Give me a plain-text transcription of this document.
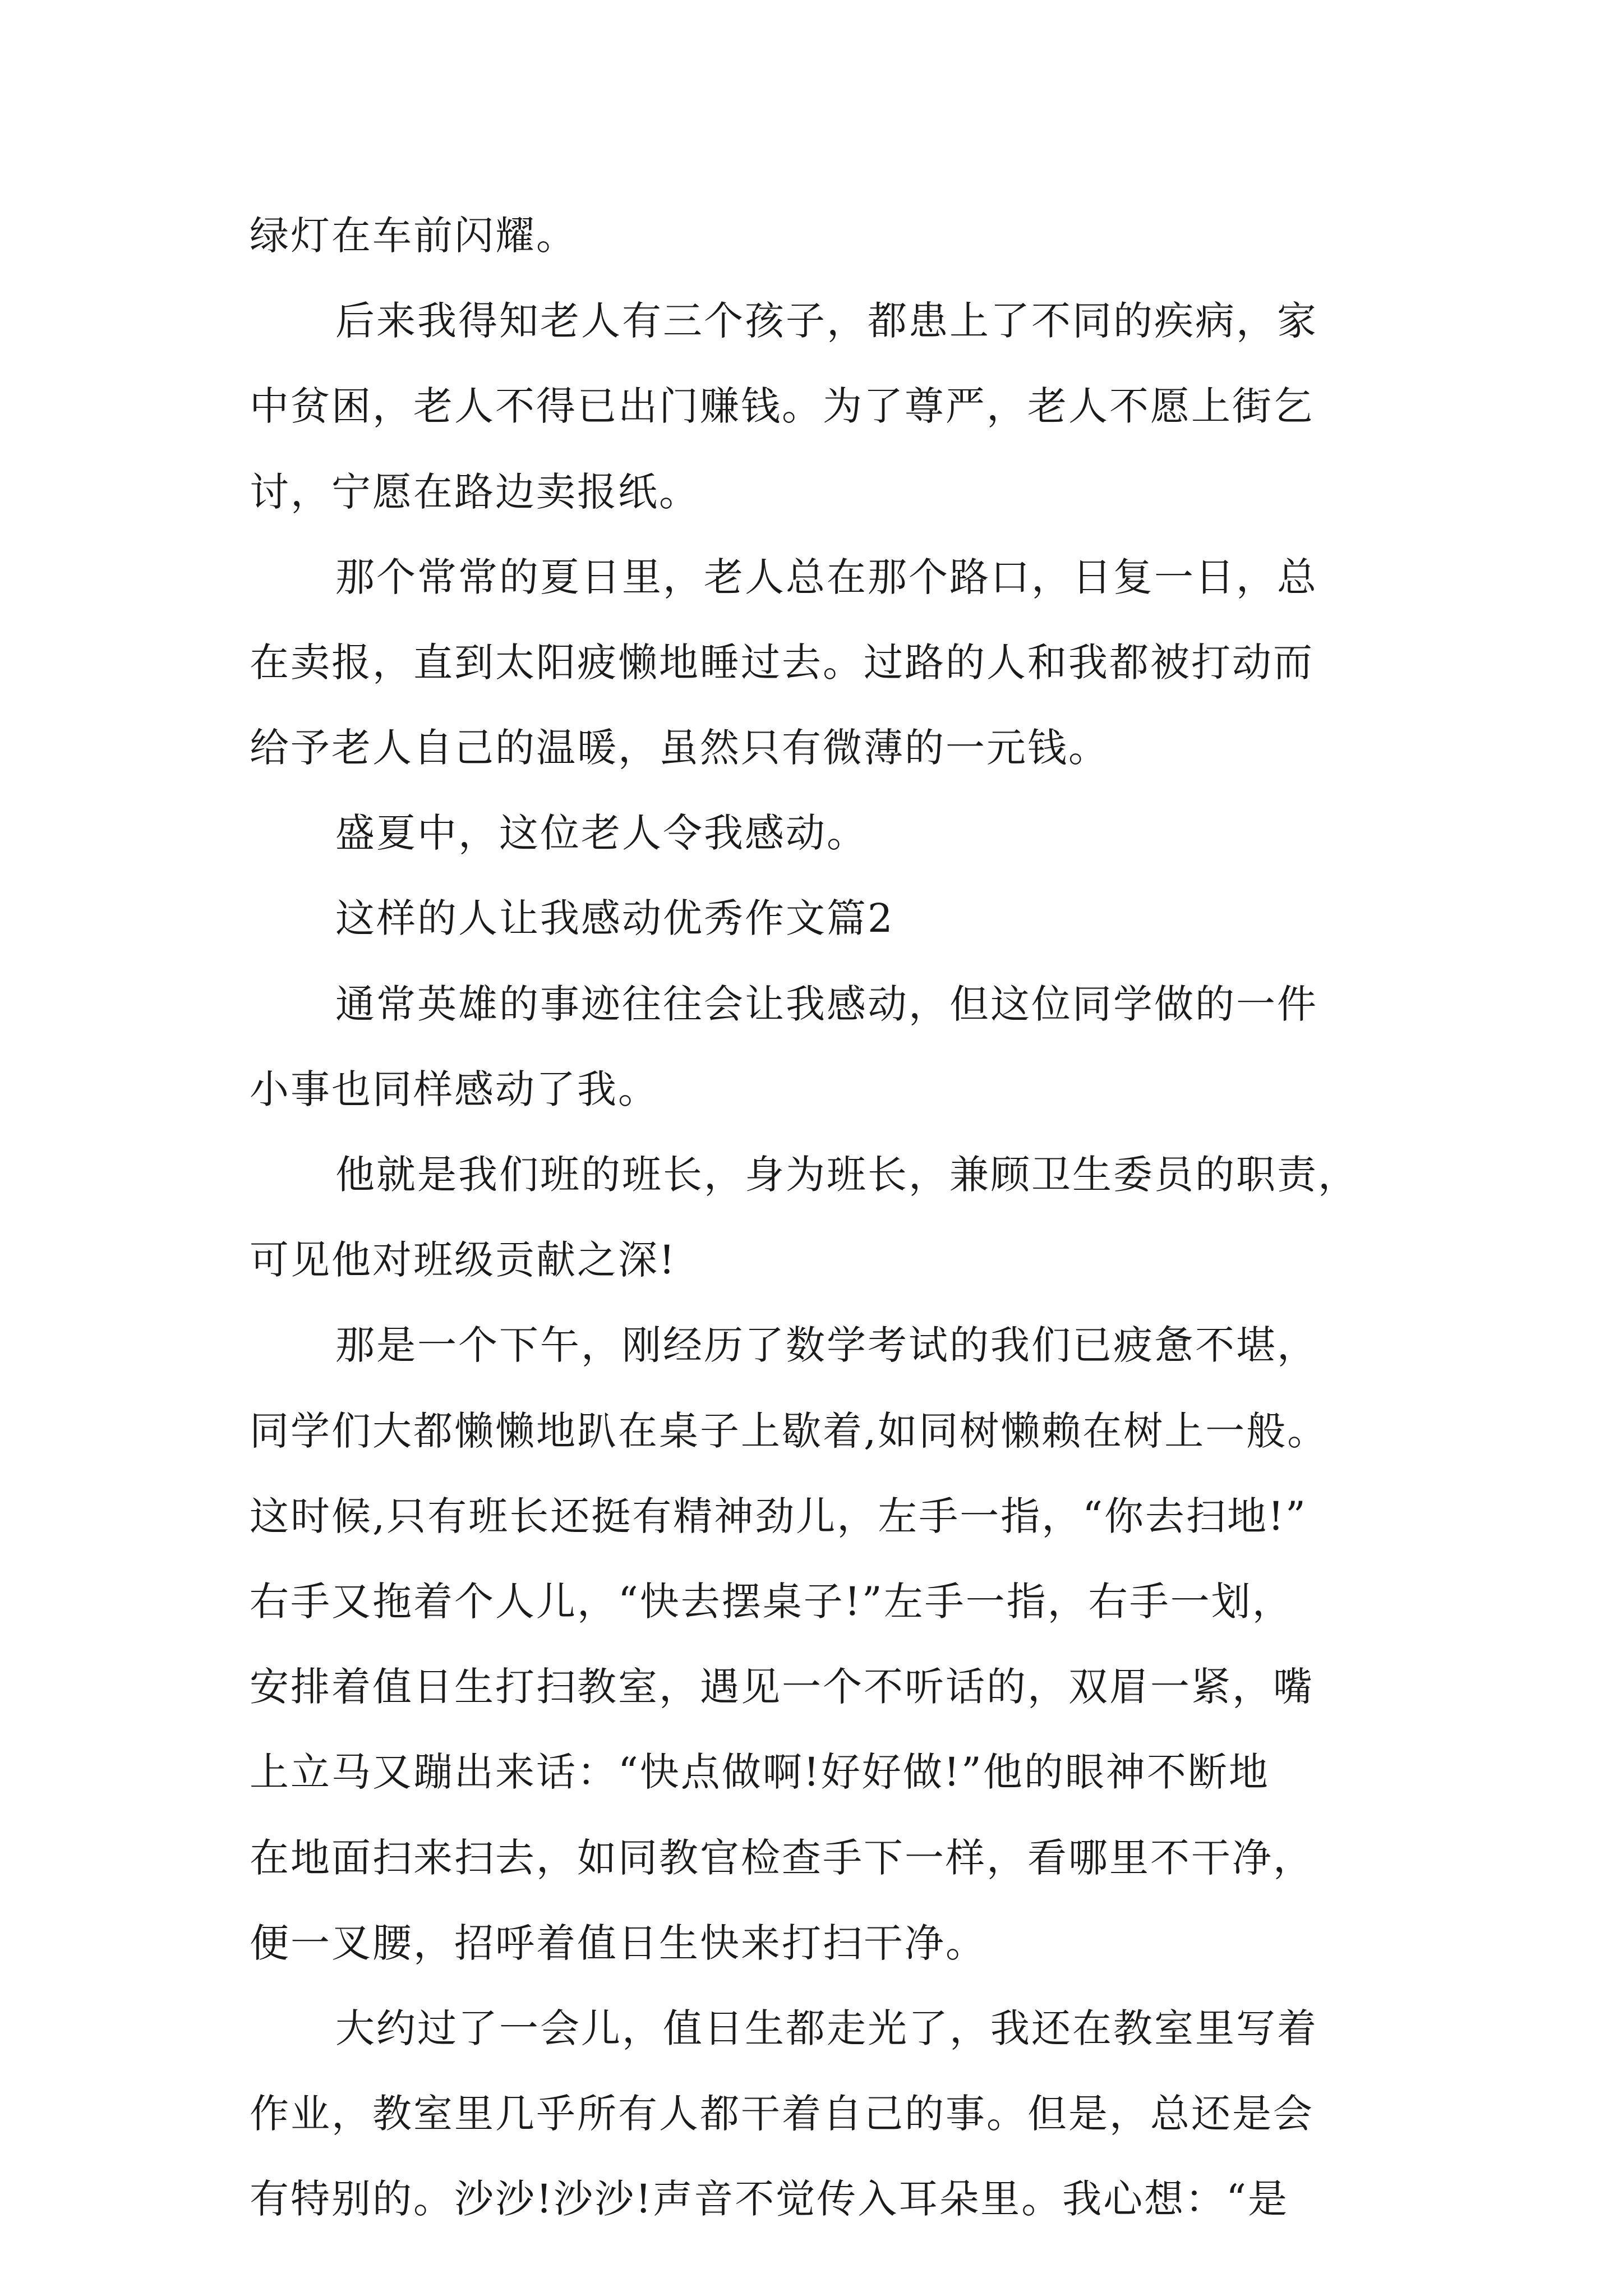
绿灯在车前闪耀。

后来我得知老人有三个孩子，都患上了不同的疾病，家

中贫困，老人不得已出门赚钱。为了尊严，老人不愿上街乞

讨，宁愿在路边卖报纸。

那个常常的夏日里，老人总在那个路口，日复一日，总

在卖报，直到太阳疲懒地睡过去。过路的人和我都被打动而

给予老人自己的温暖，虽然只有微薄的一元钱。

盛夏中，这位老人令我感动。

这样的人让我感动优秀作文篇2

通常英雄的事迹往往会让我感动，但这位同学做的一件

小事也同样感动了我。

他就是我们班的班长，身为班长，兼顾卫生委员的职责，

可见他对班级贡献之深!

那是一个下午，刚经历了数学考试的我们已疲惫不堪，

同学们大都懒懒地趴在桌子上歇着,如同树懒赖在树上一般。

这时候,只有班长还挺有精神劲儿，左手一指，“你去扫地!”

右手又拖着个人儿，“快去摆桌子!”左手一指，右手一划，

安排着值日生打扫教室，遇见一个不听话的，双眉一紧，嘴

上立马又蹦出来话：“快点做啊!好好做!”他的眼神不断地

在地面扫来扫去，如同教官检查手下一样，看哪里不干净，

便一叉腰，招呼着值日生快来打扫干净。

大约过了一会儿，值日生都走光了，我还在教室里写着

作业，教室里几乎所有人都干着自己的事。但是，总还是会

有特别的。沙沙!沙沙!声音不觉传入耳朵里。我心想：“是
